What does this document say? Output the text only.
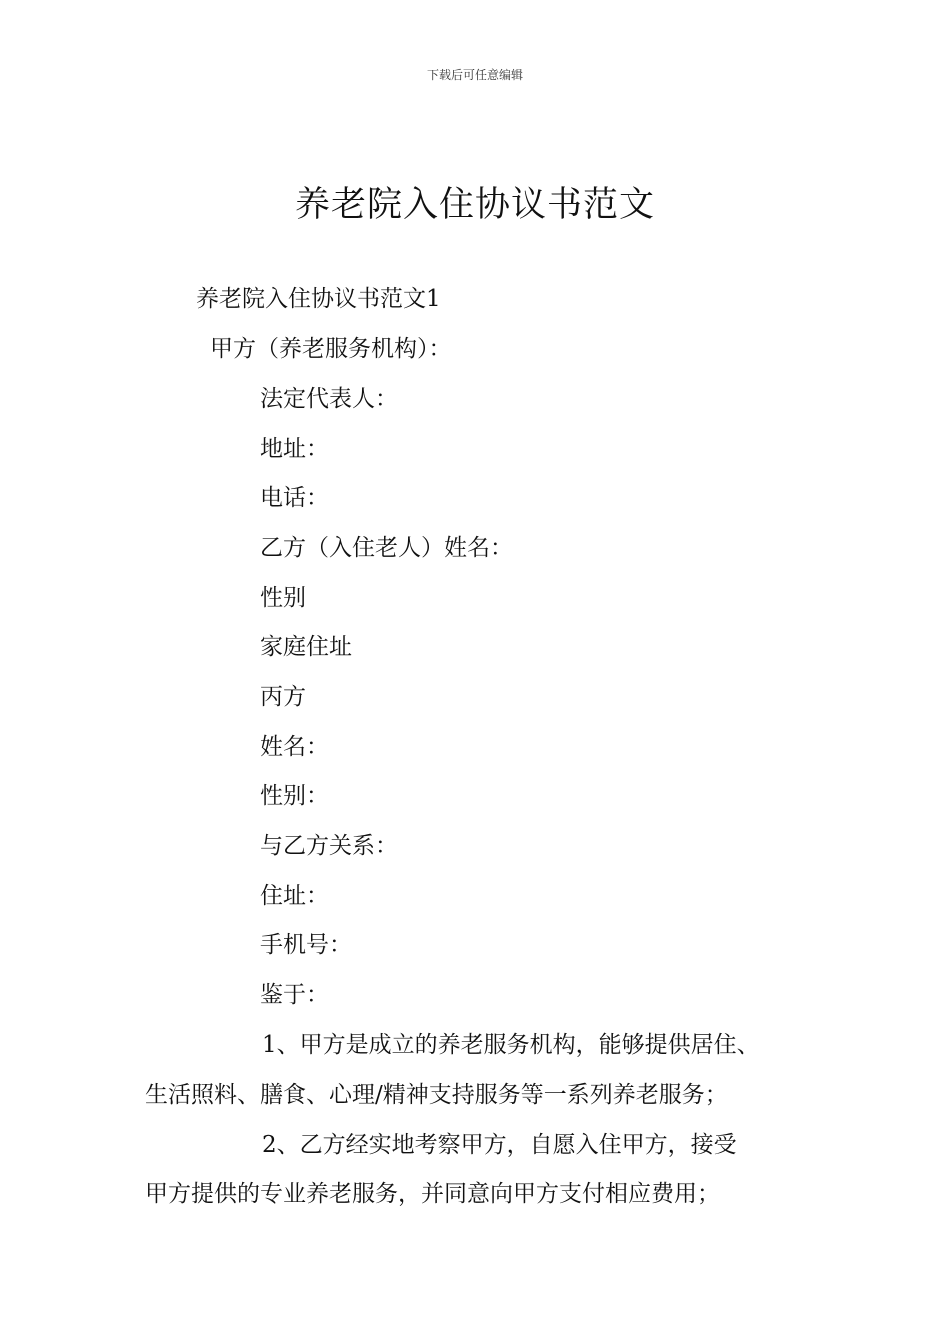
下载后可任意编辑
养老院入住协议书范文
养老院入住协议书范文1
甲方（养老服务机构）：
法定代表人：
地址：
电话：
乙方（入住老人）姓名：
性别
家庭住址
丙方
姓名：
性别：
与乙方关系：
住址：
手机号：
鉴于：
1、甲方是成立的养老服务机构，能够提供居住、
生活照料、膳食、心理/精神支持服务等一系列养老服务；
2、乙方经实地考察甲方，自愿入住甲方，接受
甲方提供的专业养老服务，并同意向甲方支付相应费用；
